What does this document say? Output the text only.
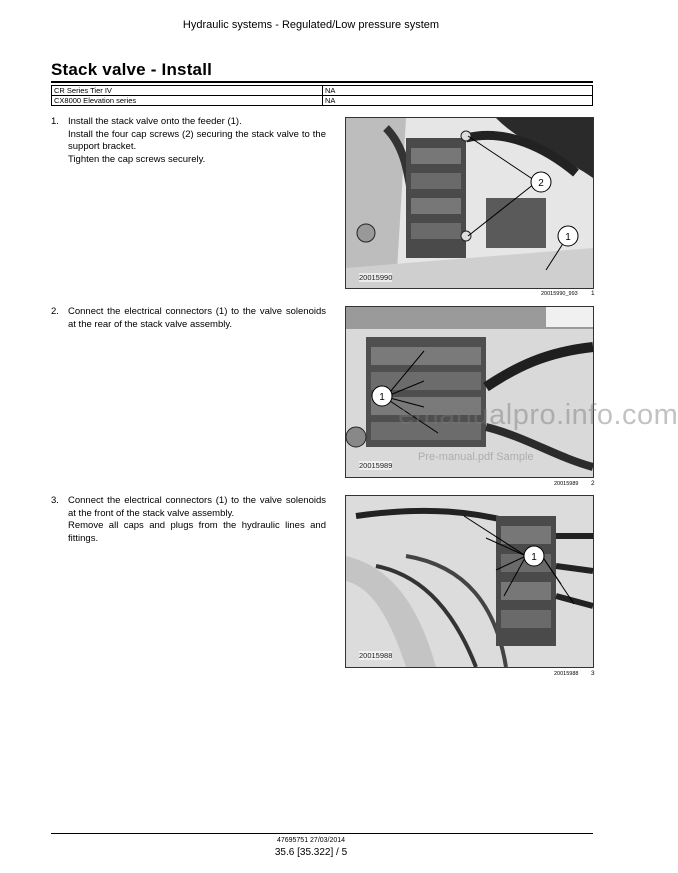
Hydraulic systems - Regulated/Low pressure system
Stack valve - Install
CR Series Tier IV	NA
CX8000 Elevation series	NA
1. Install the stack valve onto the feeder (1).

Install the four cap screws (2) securing the stack valve to the support bracket.

Tighten the cap screws securely.

2. Connect the electrical connectors (1) to the valve solenoids at the rear of the stack valve assembly.

3. Connect the electrical connectors (1) to the valve solenoids at the front of the stack valve assembly.

Remove all caps and plugs from the hydraulic lines and fittings.

2
1
20015990
20015990_993 1
1
20015989
20015989 2
1
20015988
20015988 3
emanualpro.info.com
Pre-manual.pdf Sample
47695751 27/03/2014
35.6 [35.322] / 5
